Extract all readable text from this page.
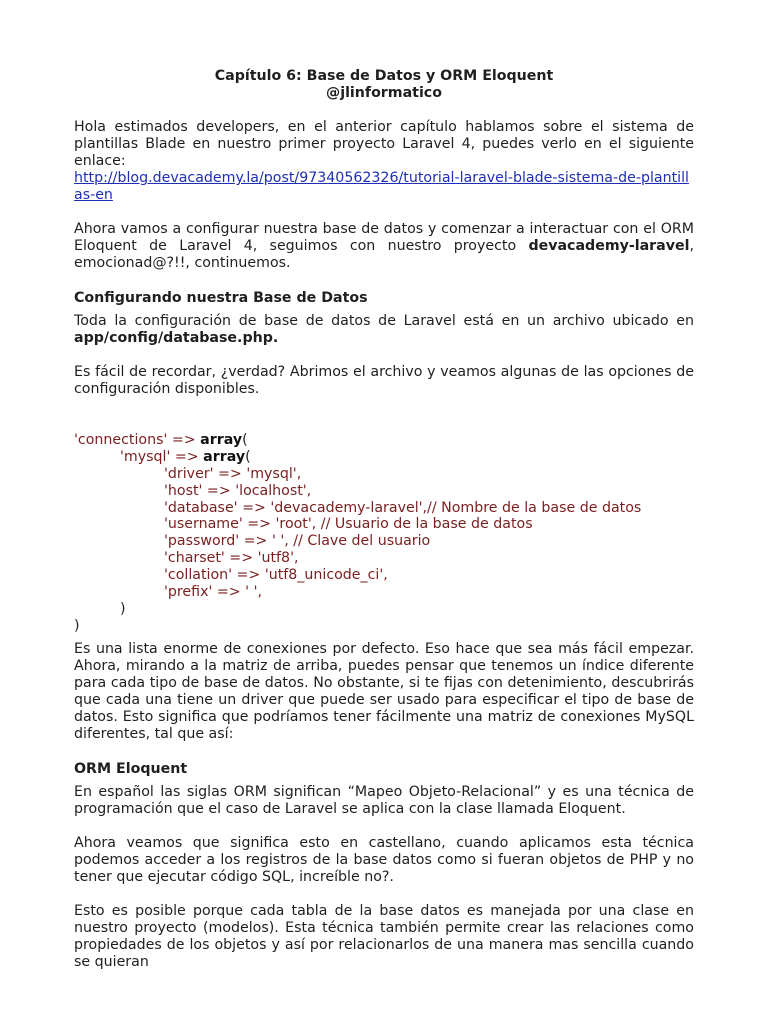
Capítulo 6: Base de Datos y ORM Eloquent
@jlinformatico

Hola estimados developers, en el anterior capítulo hablamos sobre el sistema de plantillas Blade en nuestro primer proyecto Laravel 4, puedes verlo en el siguiente enlace:
http://blog.devacademy.la/post/97340562326/tutorial-laravel-blade-sistema-de-plantillas-en

Ahora vamos a configurar nuestra base de datos y comenzar a interactuar con el ORM Eloquent de Laravel 4, seguimos con nuestro proyecto devacademy-laravel, emocionad@?!!, continuemos.

Configurando nuestra Base de Datos

Toda la configuración de base de datos de Laravel está en un archivo ubicado en app/config/database.php.

Es fácil de recordar, ¿verdad? Abrimos el archivo y veamos algunas de las opciones de configuración disponibles.

'connections' => array(
'mysql' => array(
'driver' => 'mysql',
'host' => 'localhost',
'database' => 'devacademy-laravel',// Nombre de la base de datos
'username' => 'root', // Usuario de la base de datos
'password' => ' ', // Clave del usuario
'charset' => 'utf8',
'collation' => 'utf8_unicode_ci',
'prefix' => ' ',
)
)

Es una lista enorme de conexiones por defecto. Eso hace que sea más fácil empezar. Ahora, mirando a la matriz de arriba, puedes pensar que tenemos un índice diferente para cada tipo de base de datos. No obstante, si te fijas con detenimiento, descubrirás que cada una tiene un driver que puede ser usado para especificar el tipo de base de datos. Esto significa que podríamos tener fácilmente una matriz de conexiones MySQL diferentes, tal que así:

ORM Eloquent

En español las siglas ORM significan “Mapeo Objeto-Relacional” y es una técnica de programación que el caso de Laravel se aplica con la clase llamada Eloquent.

Ahora veamos que significa esto en castellano, cuando aplicamos esta técnica podemos acceder a los registros de la base datos como si fueran objetos de PHP y no tener que ejecutar código SQL, increíble no?.

Esto es posible porque cada tabla de la base datos es manejada por una clase en nuestro proyecto (modelos). Esta técnica también permite crear las relaciones como propiedades de los objetos y así por relacionarlos de una manera mas sencilla cuando se quieran
